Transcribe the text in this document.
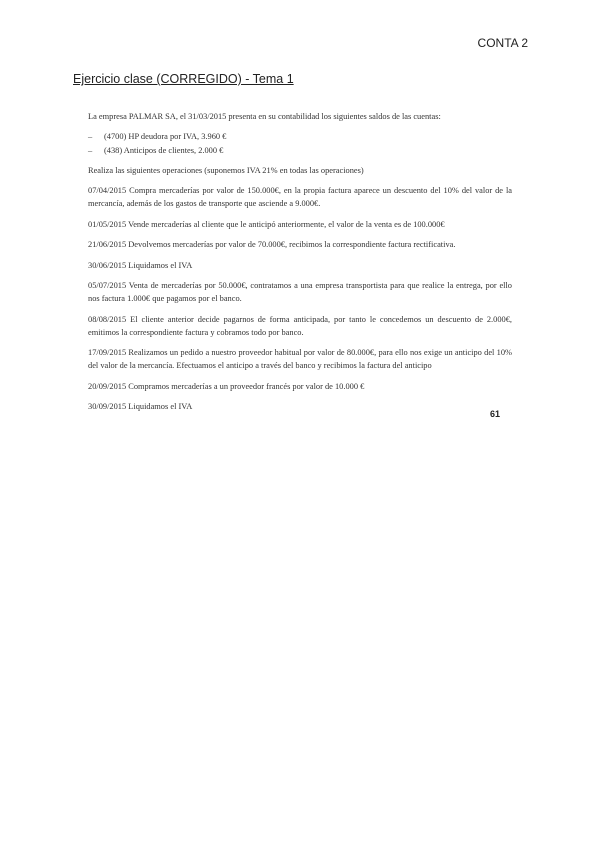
CONTA 2
Ejercicio clase (CORREGIDO) - Tema 1

La empresa PALMAR SA, el 31/03/2015 presenta en su contabilidad los siguientes saldos de las cuentas:

– (4700) HP deudora por IVA, 3.960 €
– (438) Anticipos de clientes, 2.000 €

Realiza las siguientes operaciones (suponemos IVA 21% en todas las operaciones)

07/04/2015 Compra mercaderías por valor de 150.000€, en la propia factura aparece un descuento del 10% del valor de la mercancía, además de los gastos de transporte que asciende a 9.000€.

01/05/2015 Vende mercaderías al cliente que le anticipó anteriormente, el valor de la venta es de 100.000€

21/06/2015 Devolvemos mercaderías por valor de 70.000€, recibimos la correspondiente factura rectificativa.

30/06/2015 Liquidamos el IVA

05/07/2015 Venta de mercaderías por 50.000€, contratamos a una empresa transportista para que realice la entrega, por ello nos factura 1.000€ que pagamos por el banco.

08/08/2015 El cliente anterior decide pagarnos de forma anticipada, por tanto le concedemos un descuento de 2.000€, emitimos la correspondiente factura y cobramos todo por banco.

17/09/2015 Realizamos un pedido a nuestro proveedor habitual por valor de 80.000€, para ello nos exige un anticipo del 10% del valor de la mercancía. Efectuamos el anticipo a través del banco y recibimos la factura del anticipo

20/09/2015 Compramos mercaderías a un proveedor francés por valor de 10.000 €

30/09/2015 Liquidamos el IVA

61
